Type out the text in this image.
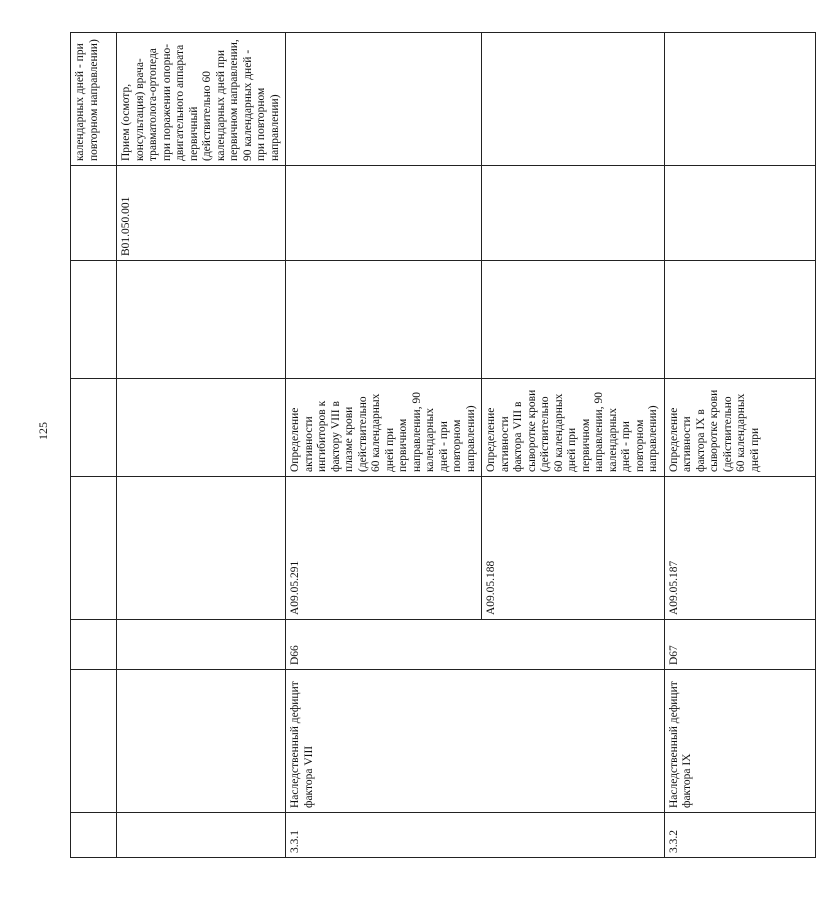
125
							календарных дней - при повторном направлении)
						B01.050.001	Прием (осмотр, консультация) врача-травматолога-ортопеда при поражении опорно-двигательного аппарата первичный (действительно 60 календарных дней при первичном направлении, 90 календарных дней - при повторном направлении)
3.3.1	Наследственный дефицит фактора VIII	D66	A09.05.291	Определение активности ингибиторов к фактору VIII в плазме крови (действительно 60 календарных дней при первичном направлении, 90 календарных дней - при повторном направлении)			
			A09.05.188	Определение активности фактора VIII в сыворотке крови (действительно 60 календарных дней при первичном направлении, 90 календарных дней - при повторном направлении)			
3.3.2	Наследственный дефицит фактора IX	D67	A09.05.187	Определение активности фактора IX в сыворотке крови (действительно 60 календарных дней при			
